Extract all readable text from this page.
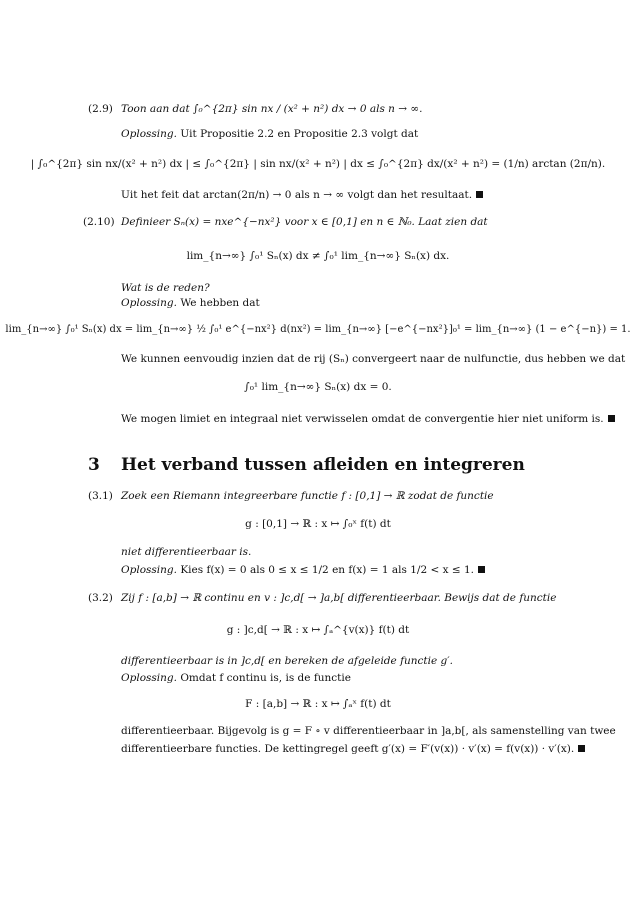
(2.9) Toon aan dat ∫₀^{2π} sin nx / (x² + n²) dx → 0 als n → ∞.
Oplossing. Uit Propositie 2.2 en Propositie 2.3 volgt dat
| ∫₀^{2π} sin nx/(x² + n²) dx | ≤ ∫₀^{2π} | sin nx/(x² + n²) | dx ≤ ∫₀^{2π} dx/(x² + n²) = (1/n) arctan (2π/n).
Uit het feit dat arctan(2π/n) → 0 als n → ∞ volgt dan het resultaat.
(2.10) Definieer Sₙ(x) = nxe^{−nx²} voor x ∈ [0,1] en n ∈ ℕ₀. Laat zien dat
lim_{n→∞} ∫₀¹ Sₙ(x) dx ≠ ∫₀¹ lim_{n→∞} Sₙ(x) dx.
Wat is de reden?
Oplossing. We hebben dat
lim_{n→∞} ∫₀¹ Sₙ(x) dx = lim_{n→∞} ½ ∫₀¹ e^{−nx²} d(nx²) = lim_{n→∞} [−e^{−nx²}]₀¹ = lim_{n→∞} (1 − e^{−n}) = 1.
We kunnen eenvoudig inzien dat de rij (Sₙ) convergeert naar de nulfunctie, dus hebben we dat
∫₀¹ lim_{n→∞} Sₙ(x) dx = 0.
We mogen limiet en integraal niet verwisselen omdat de convergentie hier niet uniform is.
3 Het verband tussen afleiden en integreren
(3.1) Zoek een Riemann integreerbare functie f : [0,1] → ℝ zodat de functie
g : [0,1] → ℝ : x ↦ ∫₀ˣ f(t) dt
niet differentieerbaar is.
Oplossing. Kies f(x) = 0 als 0 ≤ x ≤ 1/2 en f(x) = 1 als 1/2 < x ≤ 1.
(3.2) Zij f : [a,b] → ℝ continu en v : ]c,d[ → ]a,b[ differentieerbaar. Bewijs dat de functie
g : ]c,d[ → ℝ : x ↦ ∫ₐ^{v(x)} f(t) dt
differentieerbaar is in ]c,d[ en bereken de afgeleide functie g′.
Oplossing. Omdat f continu is, is de functie
F : [a,b] → ℝ : x ↦ ∫ₐˣ f(t) dt
differentieerbaar. Bijgevolg is g = F ∘ v differentieerbaar in ]a,b[, als samenstelling van twee
differentieerbare functies. De kettingregel geeft g′(x) = F′(v(x)) · v′(x) = f(v(x)) · v′(x).
